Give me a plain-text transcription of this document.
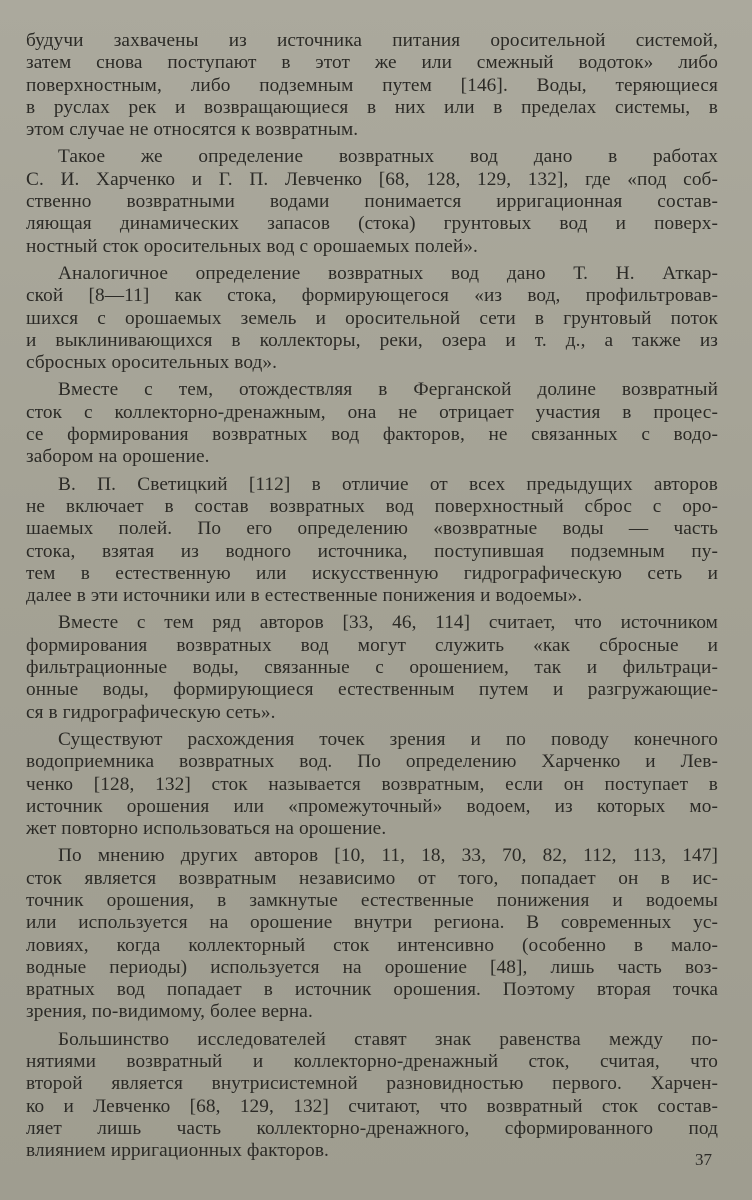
будучи захвачены из источника питания оросительной системой,
затем снова поступают в этот же или смежный водоток» либо
поверхностным, либо подземным путем [146]. Воды, теряющиеся
в руслах рек и возвращающиеся в них или в пределах системы, в
этом случае не относятся к возвратным.
Такое же определение возвратных вод дано в работах
С. И. Харченко и Г. П. Левченко [68, 128, 129, 132], где «под соб-
ственно возвратными водами понимается ирригационная состав-
ляющая динамических запасов (стока) грунтовых вод и поверх-
ностный сток оросительных вод с орошаемых полей».
Аналогичное определение возвратных вод дано Т. Н. Аткар-
ской [8—11] как стока, формирующегося «из вод, профильтровав-
шихся с орошаемых земель и оросительной сети в грунтовый поток
и выклинивающихся в коллекторы, реки, озера и т. д., а также из
сбросных оросительных вод».
Вместе с тем, отождествляя в Ферганской долине возвратный
сток с коллекторно-дренажным, она не отрицает участия в процес-
се формирования возвратных вод факторов, не связанных с водо-
забором на орошение.
В. П. Светицкий [112] в отличие от всех предыдущих авторов
не включает в состав возвратных вод поверхностный сброс с оро-
шаемых полей. По его определению «возвратные воды — часть
стока, взятая из водного источника, поступившая подземным пу-
тем в естественную или искусственную гидрографическую сеть и
далее в эти источники или в естественные понижения и водоемы».
Вместе с тем ряд авторов [33, 46, 114] считает, что источником
формирования возвратных вод могут служить «как сбросные и
фильтрационные воды, связанные с орошением, так и фильтраци-
онные воды, формирующиеся естественным путем и разгружающие-
ся в гидрографическую сеть».
Существуют расхождения точек зрения и по поводу конечного
водоприемника возвратных вод. По определению Харченко и Лев-
ченко [128, 132] сток называется возвратным, если он поступает в
источник орошения или «промежуточный» водоем, из которых мо-
жет повторно использоваться на орошение.
По мнению других авторов [10, 11, 18, 33, 70, 82, 112, 113, 147]
сток является возвратным независимо от того, попадает он в ис-
точник орошения, в замкнутые естественные понижения и водоемы
или используется на орошение внутри региона. В современных ус-
ловиях, когда коллекторный сток интенсивно (особенно в мало-
водные периоды) используется на орошение [48], лишь часть воз-
вратных вод попадает в источник орошения. Поэтому вторая точка
зрения, по-видимому, более верна.
Большинство исследователей ставят знак равенства между по-
нятиями возвратный и коллекторно-дренажный сток, считая, что
второй является внутрисистемной разновидностью первого. Харчен-
ко и Левченко [68, 129, 132] считают, что возвратный сток состав-
ляет лишь часть коллекторно-дренажного, сформированного под
влиянием ирригационных факторов.	37
